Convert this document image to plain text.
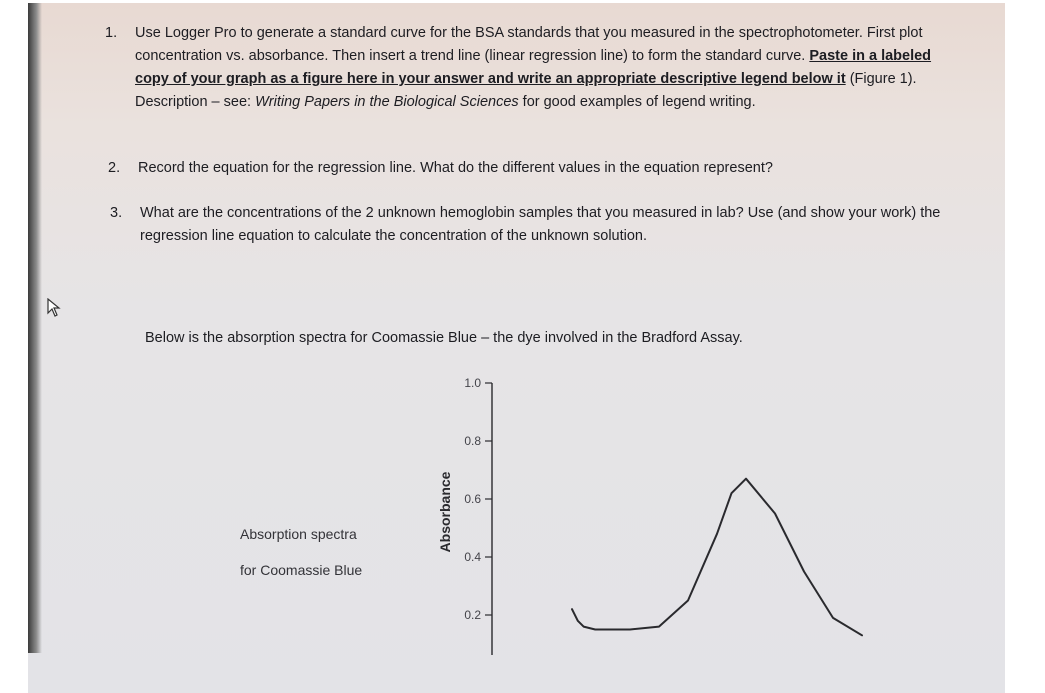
1. Use Logger Pro to generate a standard curve for the BSA standards that you measured in the spectrophotometer. First plot concentration vs. absorbance. Then insert a trend line (linear regression line) to form the standard curve. Paste in a labeled copy of your graph as a figure here in your answer and write an appropriate descriptive legend below it (Figure 1). Description – see: Writing Papers in the Biological Sciences for good examples of legend writing.
2. Record the equation for the regression line. What do the different values in the equation represent?
3. What are the concentrations of the 2 unknown hemoglobin samples that you measured in lab? Use (and show your work) the regression line equation to calculate the concentration of the unknown solution.
Below is the absorption spectra for Coomassie Blue – the dye involved in the Bradford Assay.
Absorption spectra
for Coomassie Blue
1.0
0.8
0.6
0.4
0.2
Absorbance
